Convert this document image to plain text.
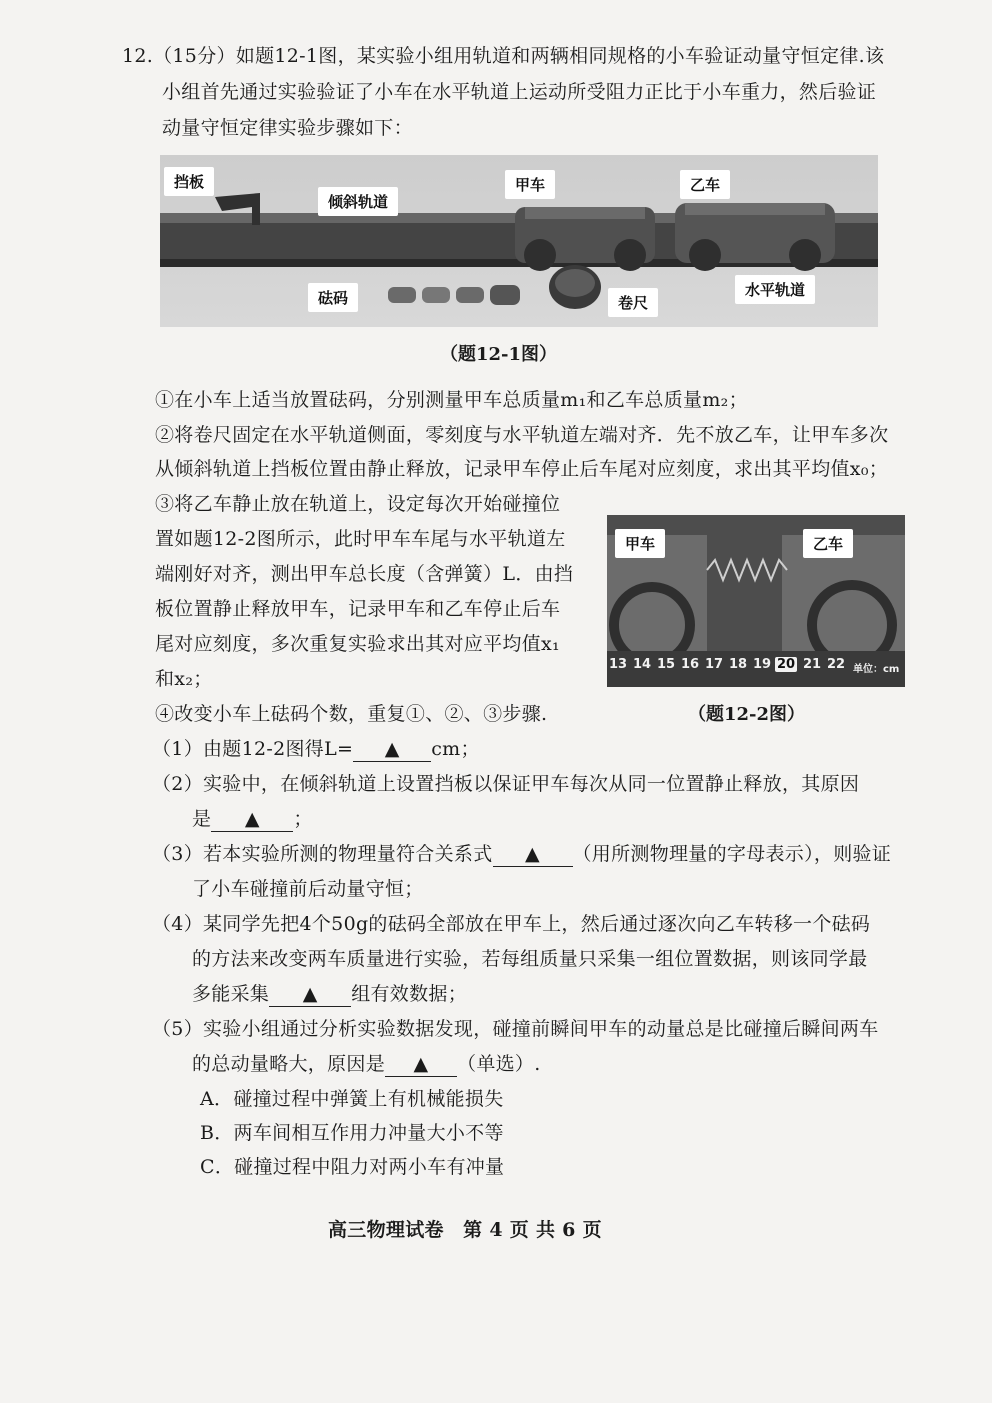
12.（15分）如题12-1图，某实验小组用轨道和两辆相同规格的小车验证动量守恒定律.该
小组首先通过实验验证了小车在水平轨道上运动所受阻力正比于小车重力，然后验证
动量守恒定律实验步骤如下：
挡板
倾斜轨道
甲车	乙车
砝码	卷尺
水平轨道
（题12-1图）
①在小车上适当放置砝码，分别测量甲车总质量m₁和乙车总质量m₂；
②将卷尺固定在水平轨道侧面，零刻度与水平轨道左端对齐．先不放乙车，让甲车多次
从倾斜轨道上挡板位置由静止释放，记录甲车停止后车尾对应刻度，求出其平均值x₀；
③将乙车静止放在轨道上，设定每次开始碰撞位
置如题12-2图所示，此时甲车车尾与水平轨道左
端刚好对齐，测出甲车总长度（含弹簧）L．由挡
板位置静止释放甲车，记录甲车和乙车停止后车
尾对应刻度，多次重复实验求出其对应平均值x₁
和x₂；
④改变小车上砝码个数，重复①、②、③步骤.
甲车	乙车
13 14 15 16 17 18 19 20 21 22 单位：cm
（题12-2图）
（1）由题12-2图得L= ▲ cm；
（2）实验中，在倾斜轨道上设置挡板以保证甲车每次从同一位置静止释放，其原因
是 ▲ ；
（3）若本实验所测的物理量符合关系式 ▲ （用所测物理量的字母表示），则验证
了小车碰撞前后动量守恒；
（4）某同学先把4个50g的砝码全部放在甲车上，然后通过逐次向乙车转移一个砝码
的方法来改变两车质量进行实验，若每组质量只采集一组位置数据，则该同学最
多能采集 ▲ 组有效数据；
（5）实验小组通过分析实验数据发现，碰撞前瞬间甲车的动量总是比碰撞后瞬间两车
的总动量略大，原因是 ▲ （单选）.
A．碰撞过程中弹簧上有机械能损失
B．两车间相互作用力冲量大小不等
C．碰撞过程中阻力对两小车有冲量
高三物理试卷　第 4 页 共 6 页
